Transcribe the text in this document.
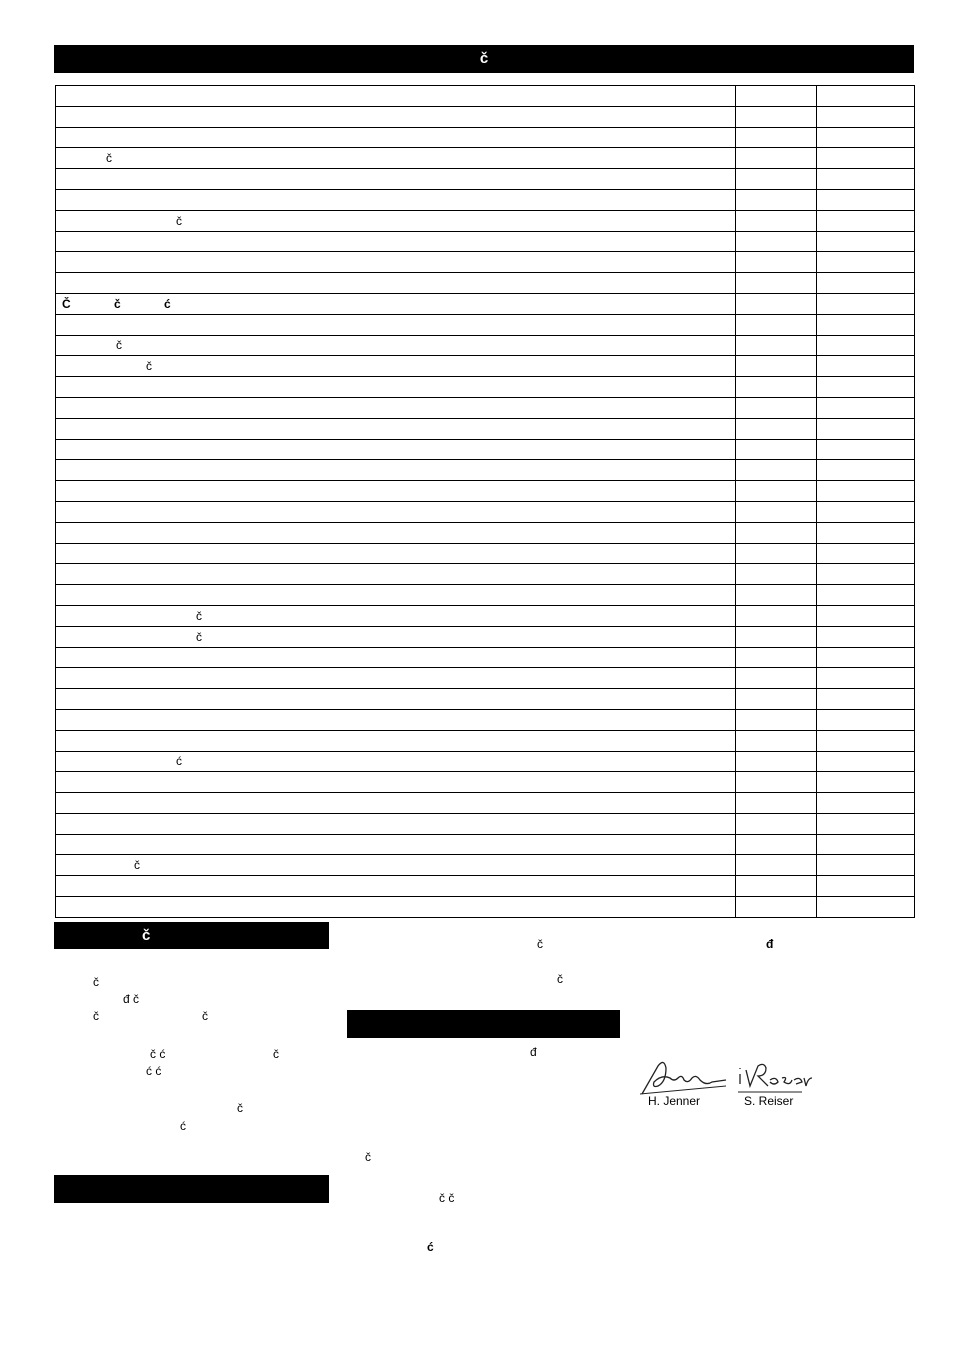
č

č		

č		

Č č ć		

č		
č		

č		
č		

ć		

č		

č
č
đ č
č	č
č ć	č
ć ć
č
ć
č	đ
č
đ
č
č č
ć
H. Jenner	S. Reiser
